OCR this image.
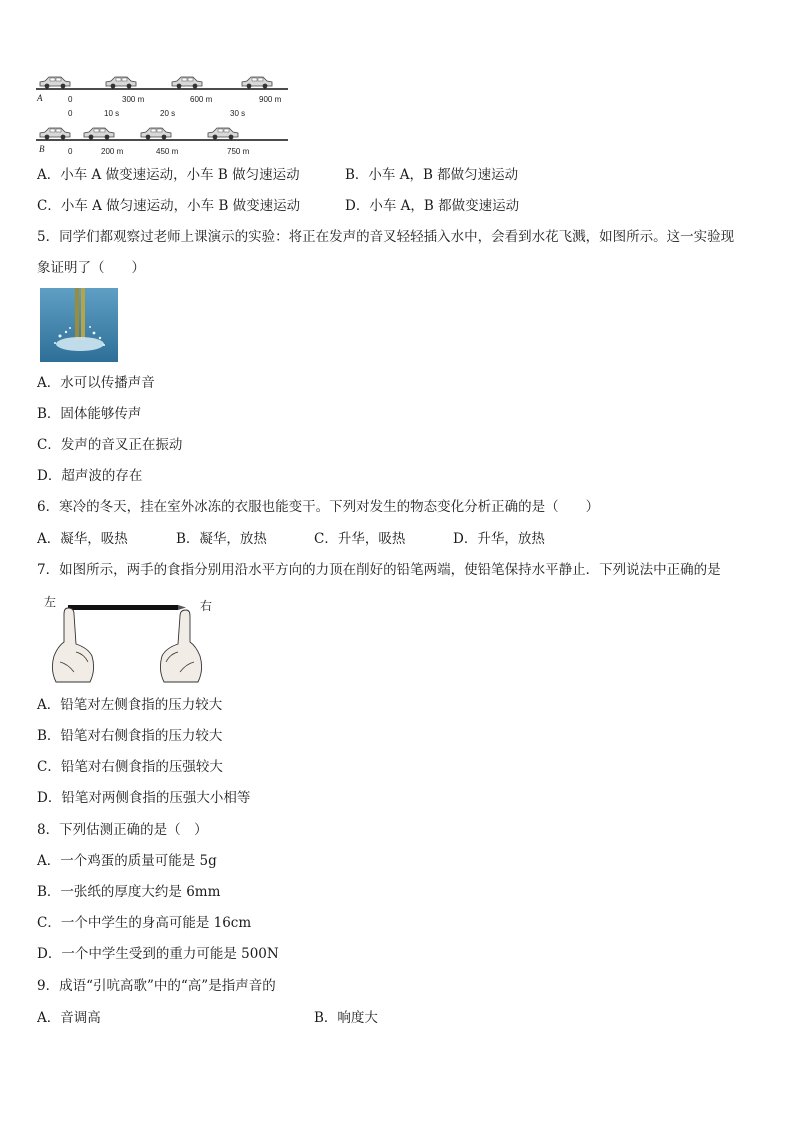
A	0	300 m	600 m	900 m
0	10 s	20 s	30 s
B	0	200 m	450 m	750 m
A．小车 A 做变速运动，小车 B 做匀速运动	B．小车 A，B 都做匀速运动
C．小车 A 做匀速运动，小车 B 做变速运动	D．小车 A，B 都做变速运动
5．同学们都观察过老师上课演示的实验：将正在发声的音叉轻轻插入水中，会看到水花飞溅，如图所示。这一实验现
象证明了（　　）
A．水可以传播声音
B．固体能够传声
C．发声的音叉正在振动
D．超声波的存在
6．寒冷的冬天，挂在室外冰冻的衣服也能变干。下列对发生的物态变化分析正确的是（　　）
A．凝华，吸热	B．凝华，放热	C．升华，吸热	D．升华，放热
7．如图所示，两手的食指分别用沿水平方向的力顶在削好的铅笔两端，使铅笔保持水平静止．下列说法中正确的是
左	右
A．铅笔对左侧食指的压力较大
B．铅笔对右侧食指的压力较大
C．铅笔对右侧食指的压强较大
D．铅笔对两侧食指的压强大小相等
8．下列估测正确的是（　）
A．一个鸡蛋的质量可能是 5g
B．一张纸的厚度大约是 6mm
C．一个中学生的身高可能是 16cm
D．一个中学生受到的重力可能是 500N
9．成语“引吭高歌”中的“高”是指声音的
A．音调高	B．响度大
